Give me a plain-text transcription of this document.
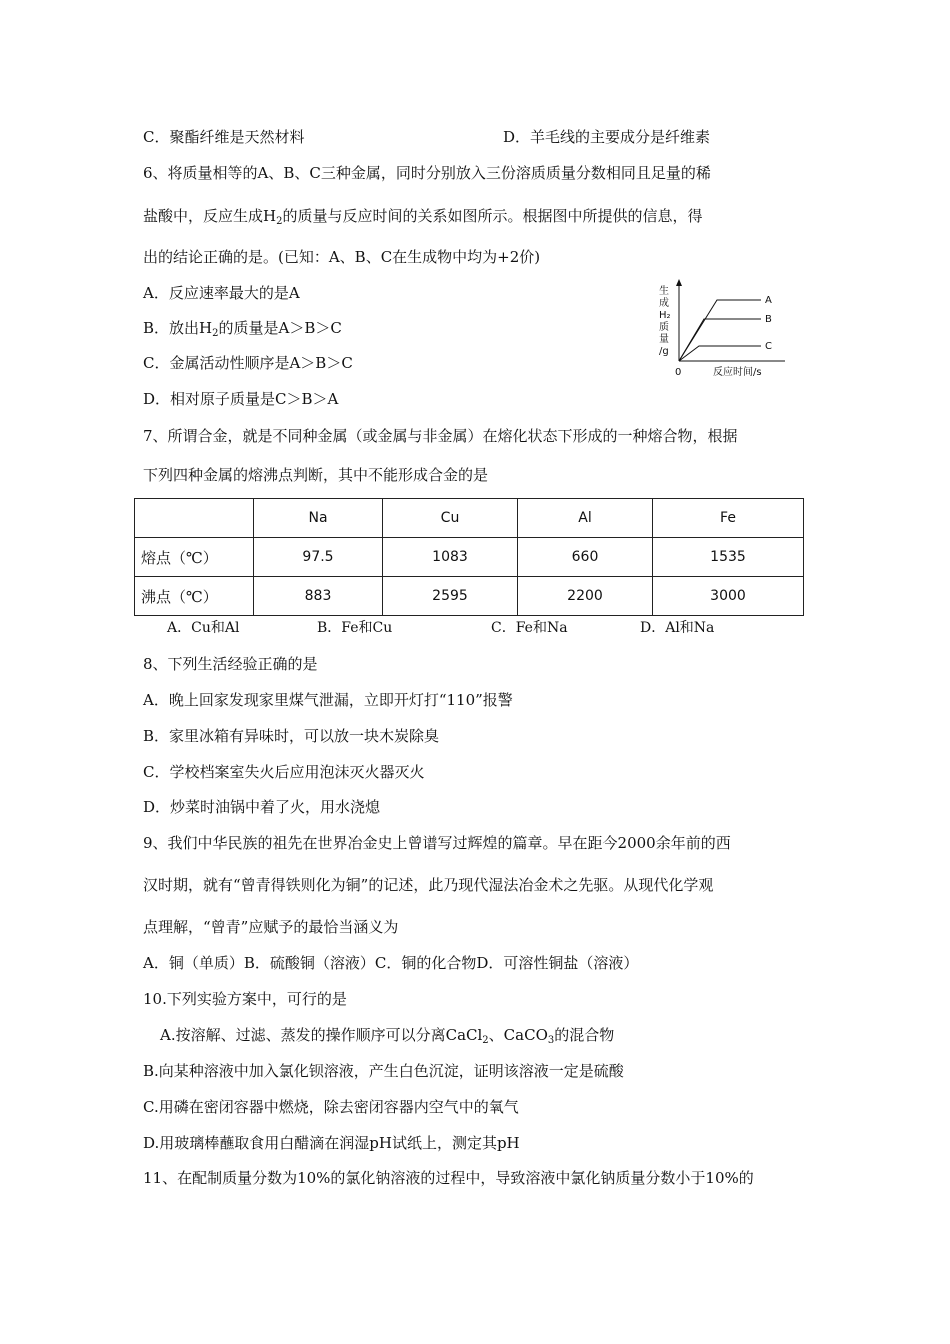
C．聚酯纤维是天然材料	D．羊毛线的主要成分是纤维素
6、将质量相等的A、B、C三种金属，同时分别放入三份溶质质量分数相同且足量的稀
盐酸中，反应生成$H_2$的质量与反应时间的关系如图所示。根据图中所提供的信息，得
出的结论正确的是。(已知：A、B、C在生成物中均为+2价)
A．反应速率最大的是A
B．放出$H_2$的质量是A＞B＞C
C．金属活动性顺序是A＞B＞C
D．相对原子质量是C＞B＞A
生
成
H₂
质
量
/g
0	反应时间/s
A
B
C
7、所谓合金，就是不同种金属（或金属与非金属）在熔化状态下形成的一种熔合物，根据
下列四种金属的熔沸点判断，其中不能形成合金的是
	Na	Cu	Al	Fe
熔点（℃）	97.5	1083	660	1535
沸点（℃）	883	2595	2200	3000
A．Cu和Al	B．Fe和Cu	C．Fe和Na	D．Al和Na
8、下列生活经验正确的是
A．晚上回家发现家里煤气泄漏，立即开灯打“110”报警
B．家里冰箱有异味时，可以放一块木炭除臭
C．学校档案室失火后应用泡沫灭火器灭火
D．炒菜时油锅中着了火，用水浇熄
9、我们中华民族的祖先在世界冶金史上曾谱写过辉煌的篇章。早在距今2000余年前的西
汉时期，就有“曾青得铁则化为铜”的记述，此乃现代湿法冶金术之先驱。从现代化学观
点理解，“曾青”应赋予的最恰当涵义为
A．铜（单质）B．硫酸铜（溶液）C．铜的化合物D．可溶性铜盐（溶液）
10.下列实验方案中，可行的是
A.按溶解、过滤、蒸发的操作顺序可以分离CaCl$_2$、CaCO$_3$的混合物
B.向某种溶液中加入氯化钡溶液，产生白色沉淀，证明该溶液一定是硫酸
C.用磷在密闭容器中燃烧，除去密闭容器内空气中的氧气
D.用玻璃棒蘸取食用白醋滴在润湿pH试纸上，测定其pH
11、在配制质量分数为10%的氯化钠溶液的过程中，导致溶液中氯化钠质量分数小于10%的
